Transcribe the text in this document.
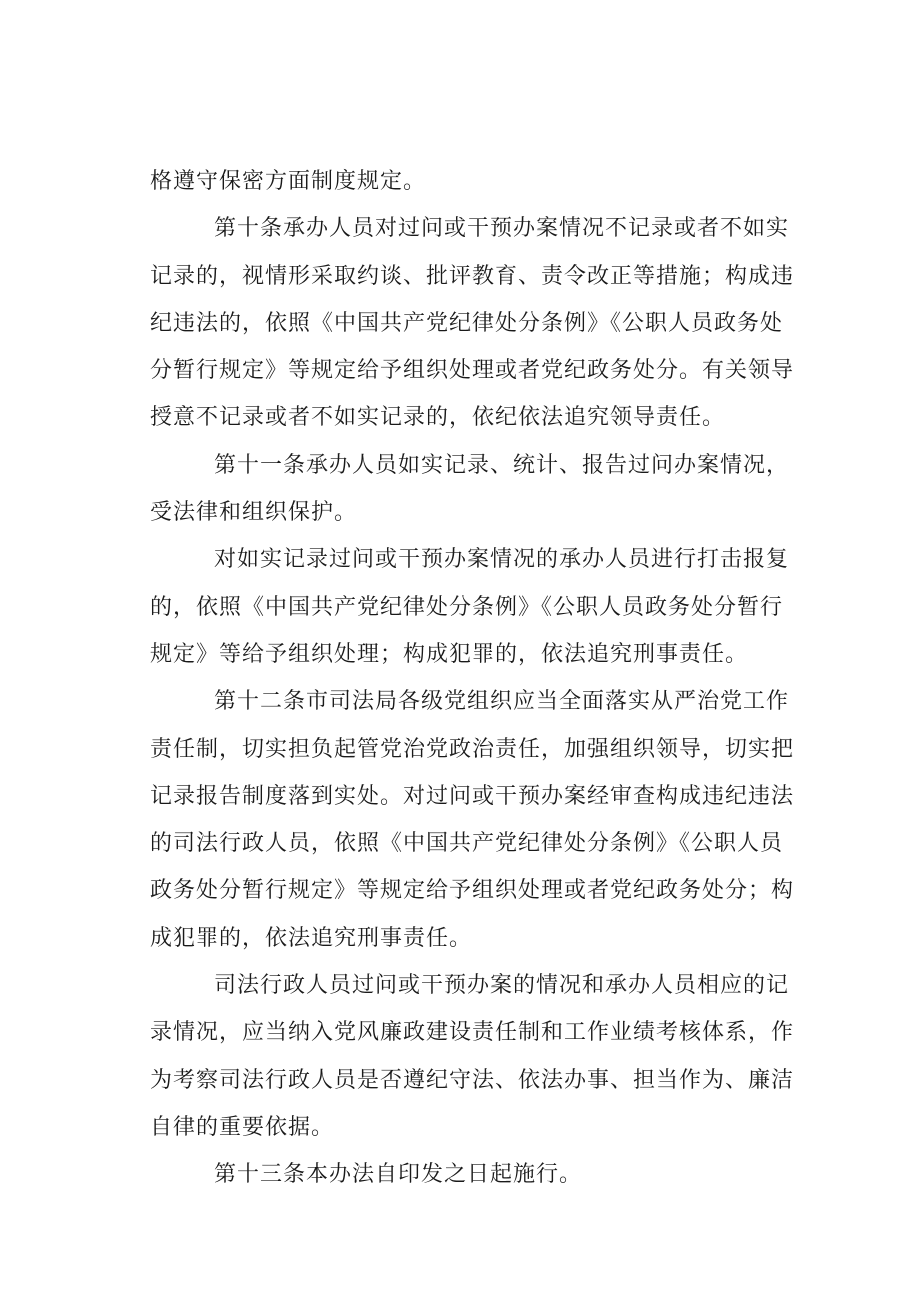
格遵守保密方面制度规定。
第十条承办人员对过问或干预办案情况不记录或者不如实
记录的，视情形采取约谈、批评教育、责令改正等措施；构成违
纪违法的，依照《中国共产党纪律处分条例》《公职人员政务处
分暂行规定》等规定给予组织处理或者党纪政务处分。有关领导
授意不记录或者不如实记录的，依纪依法追究领导责任。
第十一条承办人员如实记录、统计、报告过问办案情况，
受法律和组织保护。
对如实记录过问或干预办案情况的承办人员进行打击报复
的，依照《中国共产党纪律处分条例》《公职人员政务处分暂行
规定》等给予组织处理；构成犯罪的，依法追究刑事责任。
第十二条市司法局各级党组织应当全面落实从严治党工作
责任制，切实担负起管党治党政治责任，加强组织领导，切实把
记录报告制度落到实处。对过问或干预办案经审查构成违纪违法
的司法行政人员，依照《中国共产党纪律处分条例》《公职人员
政务处分暂行规定》等规定给予组织处理或者党纪政务处分；构
成犯罪的，依法追究刑事责任。
司法行政人员过问或干预办案的情况和承办人员相应的记
录情况，应当纳入党风廉政建设责任制和工作业绩考核体系，作
为考察司法行政人员是否遵纪守法、依法办事、担当作为、廉洁
自律的重要依据。
第十三条本办法自印发之日起施行。
